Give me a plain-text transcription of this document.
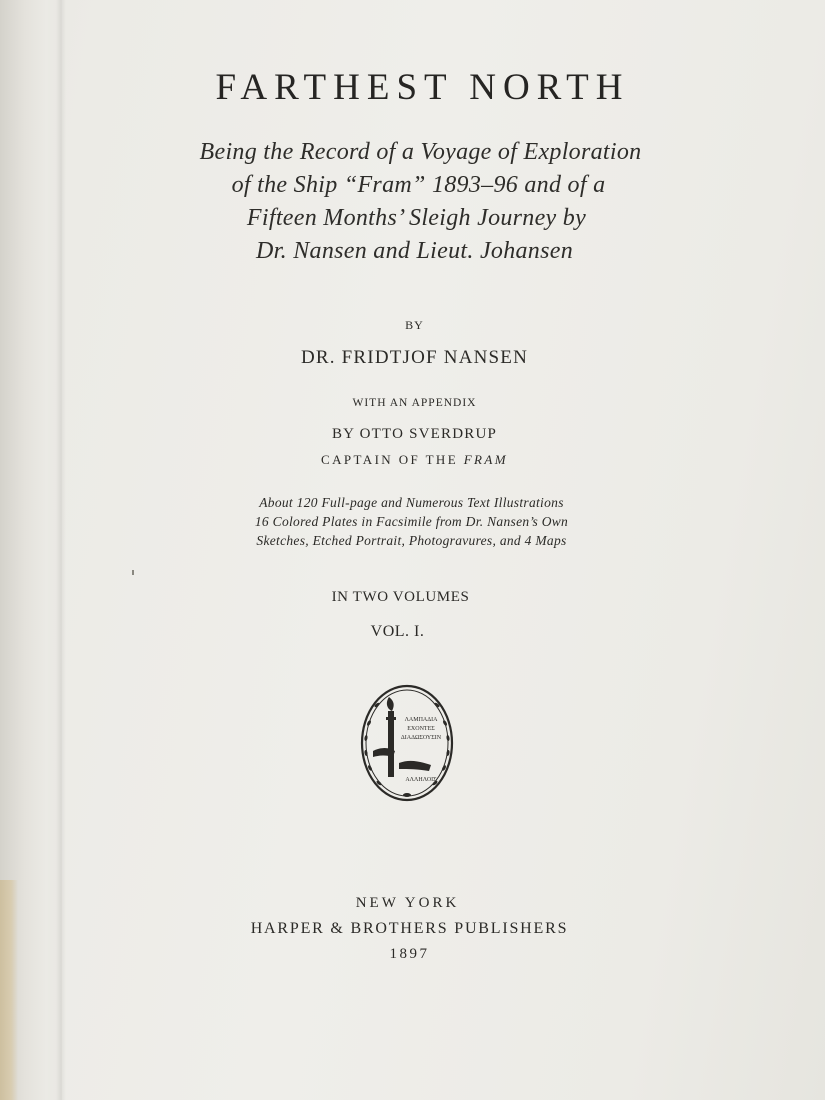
FARTHEST NORTH
Being the Record of a Voyage of Exploration
of the Ship “Fram” 1893–96 and of a
Fifteen Months’ Sleigh Journey by
Dr. Nansen and Lieut. Johansen
BY
DR. FRIDTJOF NANSEN
WITH AN APPENDIX
BY OTTO SVERDRUP
CAPTAIN OF THE FRAM
About 120 Full-page and Numerous Text Illustrations
16 Colored Plates in Facsimile from Dr. Nansen’s Own
Sketches, Etched Portrait, Photogravures, and 4 Maps
IN TWO VOLUMES
VOL. I.
ΛΑΜΠΑΔΙΑ
ΕΧΟΝΤΕΣ
ΔΙΑΔΩΣΟΥΣΙΝ
ΑΛΛΗΛΟΙΣ
NEW YORK
HARPER & BROTHERS PUBLISHERS
1897
